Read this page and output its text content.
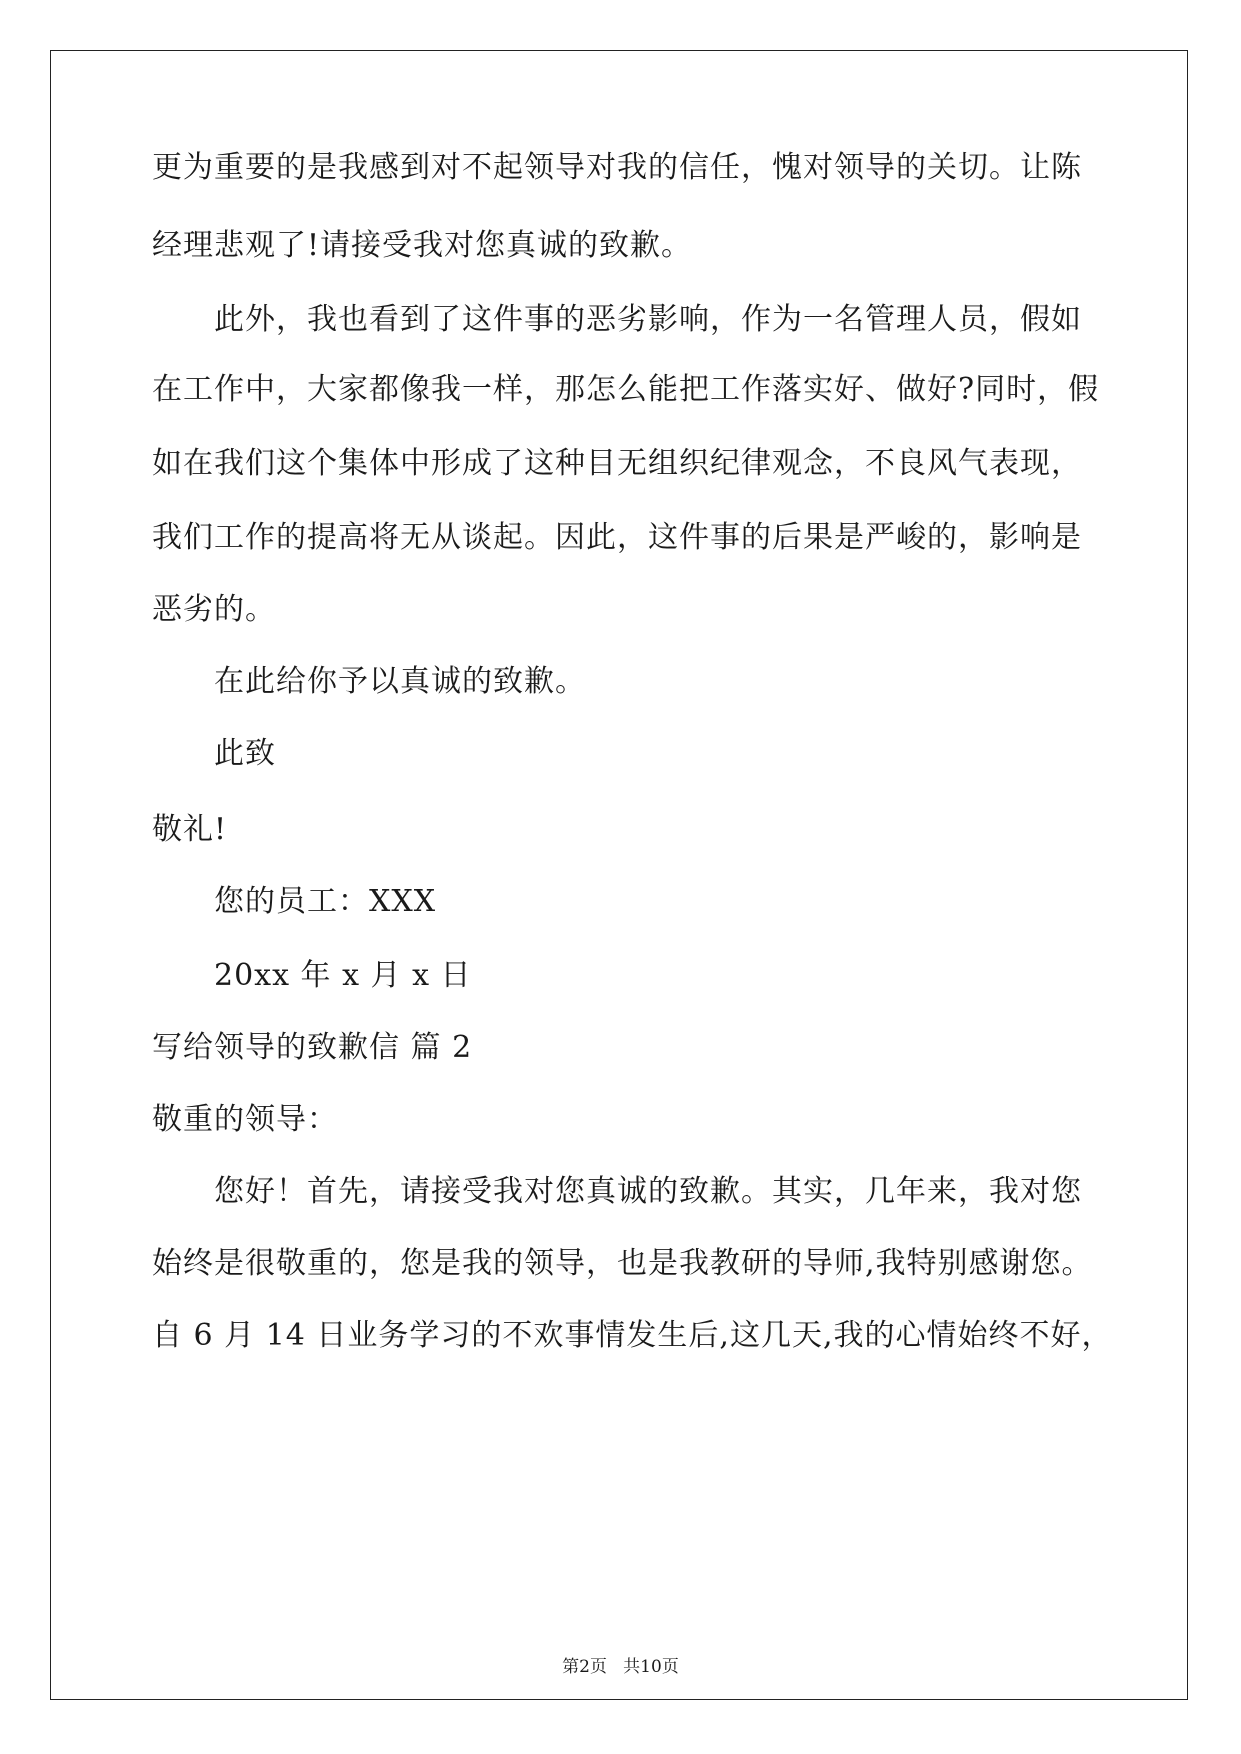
更为重要的是我感到对不起领导对我的信任，愧对领导的关切。让陈
经理悲观了!请接受我对您真诚的致歉。
此外，我也看到了这件事的恶劣影响，作为一名管理人员，假如
在工作中，大家都像我一样，那怎么能把工作落实好、做好?同时，假
如在我们这个集体中形成了这种目无组织纪律观念，不良风气表现，
我们工作的提高将无从谈起。因此，这件事的后果是严峻的，影响是
恶劣的。
在此给你予以真诚的致歉。
此致
敬礼!
您的员工：XXX
20xx 年 x 月 x 日
写给领导的致歉信 篇 2
敬重的领导：
您好！首先，请接受我对您真诚的致歉。其实，几年来，我对您
始终是很敬重的，您是我的领导，也是我教研的导师,我特别感谢您。
自 6 月 14 日业务学习的不欢事情发生后,这几天,我的心情始终不好，
第2页   共10页
